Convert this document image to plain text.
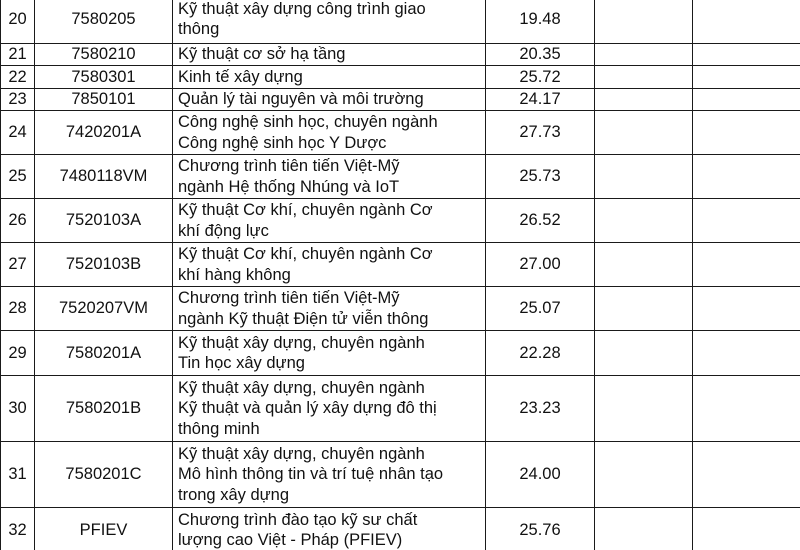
20	7580205	Kỹ thuật xây dựng công trình giao
thông	19.48		
21	7580210	Kỹ thuật cơ sở hạ tầng	20.35		
22	7580301	Kinh tế xây dựng	25.72		
23	7850101	Quản lý tài nguyên và môi trường	24.17		
24	7420201A	Công nghệ sinh học, chuyên ngành
Công nghệ sinh học Y Dược	27.73		
25	7480118VM	Chương trình tiên tiến Việt-Mỹ
ngành Hệ thống Nhúng và IoT	25.73		
26	7520103A	Kỹ thuật Cơ khí, chuyên ngành Cơ
khí động lực	26.52		
27	7520103B	Kỹ thuật Cơ khí, chuyên ngành Cơ
khí hàng không	27.00		
28	7520207VM	Chương trình tiên tiến Việt-Mỹ
ngành Kỹ thuật Điện tử viễn thông	25.07		
29	7580201A	Kỹ thuật xây dựng, chuyên ngành
Tin học xây dựng	22.28		
30	7580201B	Kỹ thuật xây dựng, chuyên ngành
Kỹ thuật và quản lý xây dựng đô thị
thông minh	23.23		
31	7580201C	Kỹ thuật xây dựng, chuyên ngành
Mô hình thông tin và trí tuệ nhân tạo
trong xây dựng	24.00		
32	PFIEV	Chương trình đào tạo kỹ sư chất
lượng cao Việt - Pháp (PFIEV)	25.76		
